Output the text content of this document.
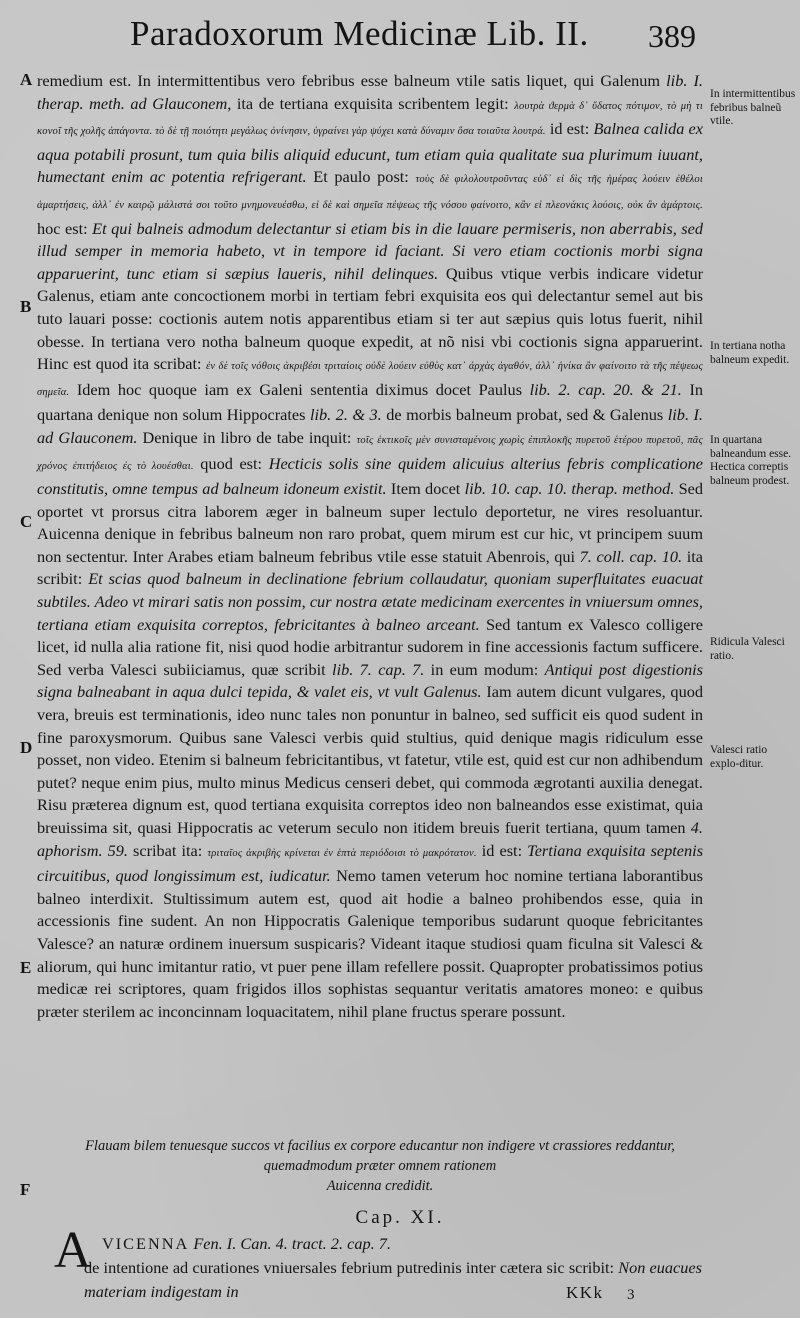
Paradoxorum Medicinæ Lib. II. 389
A
B
C
D
E
F

remedium est. In intermittentibus vero febribus esse balneum vtile satis liquet, qui Galenum lib. I. therap. meth. ad Glauconem, ita de tertiana exquisita scribentem legit: λουτρὰ ϑερμὰ δ᾽ ὕδατος πότιμον, τὸ μὴ τι κονοῖ τῆς χολῆς ἀπάγοντα. τὸ δὲ τῇ ποιότητι μεγάλως ὀνίνησιν, ὑγραίνει γὰρ ψύχει κατὰ δύναμιν ὅσα τοιαῦτα λουτρά. id est: Balnea calida ex aqua potabili prosunt, tum quia bilis aliquid educunt, tum etiam quia qualitate sua plurimum iuuant, humectant enim ac potentia refrigerant. Et paulo post: τοὺς δὲ φιλολουτροῦντας εὐδ᾽ εἰ δὶς τῆς ἡμέρας λούειν ἐθέλοι ἁμαρτήσεις, ἀλλ᾽ ἐν καιρῷ μάλιστά σοι τοῦτο μνημονευέσθω, εἰ δὲ καὶ σημεῖα πέψεως τῆς νόσου φαίνοιτο, κἂν εἰ πλεονάκις λούοις, οὐκ ἂν ἁμάρτοις. hoc est: Et qui balneis admodum delectantur si etiam bis in die lauare permiseris, non aberrabis, sed illud semper in memoria habeto, vt in tempore id faciant. Si vero etiam coctionis morbi signa apparuerint, tunc etiam si sæpius laueris, nihil delinques. Quibus vtique verbis indicare videtur Galenus, etiam ante concoctionem morbi in tertiam febri exquisita eos qui delectantur semel aut bis tuto lauari posse: coctionis autem notis apparentibus etiam si ter aut sæpius quis lotus fuerit, nihil obesse. In tertiana vero notha balneum quoque expedit, at nõ nisi vbi coctionis signa apparuerint. Hinc est quod ita scribat: ἐν δὲ τοῖς νόθοις ἀκριβέσι τριταίοις οὐδὲ λούειν εὐθὺς κατ᾽ ἀρχὰς ἀγαθόν, ἀλλ᾽ ἡνίκα ἂν φαίνοιτο τὰ τῆς πέψεως σημεῖα. Idem hoc quoque iam ex Galeni sententia diximus docet Paulus lib. 2. cap. 20. & 21. In quartana denique non solum Hippocrates lib. 2. & 3. de morbis balneum probat, sed & Galenus lib. I. ad Glauconem. Denique in libro de tabe inquit: τοῖς ἑκτικοῖς μὲν συνισταμένοις χωρὶς ἐπιπλοκῆς πυρετοῦ ἑτέρου πυρετοῦ, πᾶς χρόνος ἐπιτήδειος ἐς τὸ λουέσθαι. quod est: Hecticis solis sine quidem alicuius alterius febris complicatione constitutis, omne tempus ad balneum idoneum existit. Item docet lib. 10. cap. 10. therap. method. Sed oportet vt prorsus citra laborem æger in balneum super lectulo deportetur, ne vires resoluantur. Auicenna denique in febribus balneum non raro probat, quem mirum est cur hic, vt principem suum non sectentur. Inter Arabes etiam balneum febribus vtile esse statuit Abenrois, qui 7. coll. cap. 10. ita scribit: Et scias quod balneum in declinatione febrium collaudatur, quoniam superfluitates euacuat subtiles. Adeo vt mirari satis non possim, cur nostra ætate medicinam exercentes in vniuersum omnes, tertiana etiam exquisita correptos, febricitantes à balneo arceant. Sed tantum ex Valesco colligere licet, id nulla alia ratione fit, nisi quod hodie arbitrantur sudorem in fine accessionis factum sufficere. Sed verba Valesci subiiciamus, quæ scribit lib. 7. cap. 7. in eum modum: Antiqui post digestionis signa balneabant in aqua dulci tepida, & valet eis, vt vult Galenus. Iam autem dicunt vulgares, quod vera, breuis est terminationis, ideo nunc tales non ponuntur in balneo, sed sufficit eis quod sudent in fine paroxysmorum. Quibus sane Valesci verbis quid stultius, quid denique magis ridiculum esse posset, non video. Etenim si balneum febricitantibus, vt fatetur, vtile est, quid est cur non adhibendum putet? neque enim pius, multo minus Medicus censeri debet, qui commoda ægrotanti auxilia denegat. Risu præterea dignum est, quod tertiana exquisita correptos ideo non balneandos esse existimat, quia breuissima sit, quasi Hippocratis ac veterum seculo non itidem breuis fuerit tertiana, quum tamen 4. aphorism. 59. scribat ita: τριταῖος ἀκριβὴς κρίνεται ἐν ἑπτὰ περιόδοισι τὸ μακρότατον. id est: Tertiana exquisita septenis circuitibus, quod longissimum est, iudicatur. Nemo tamen veterum hoc nomine tertiana laborantibus balneo interdixit. Stultissimum autem est, quod ait hodie a balneo prohibendos esse, quia in accessionis fine sudent. An non Hippocratis Galenique temporibus sudarunt quoque febricitantes Valesce? an naturæ ordinem inuersum suspicaris? Videant itaque studiosi quam ficulna sit Valesci & aliorum, qui hunc imitantur ratio, vt puer pene illam refellere possit. Quapropter probatissimos potius medicæ rei scriptores, quam frigidos illos sophistas sequantur veritatis amatores moneo: e quibus præter sterilem ac inconcinnam loquacitatem, nihil plane fructus sperare possunt.

In intermittentibus febribus balneũ vtile.
In tertiana notha balneum expedit.
In quartana balneandum esse. Hectica correptis balneum prodest.
Ridicula Valesci ratio.
Valesci ratio explo-ditur.
Flauam bilem tenuesque succos vt facilius ex corpore educantur non indigere vt crassiores reddantur, quemadmodum præter omnem rationem
Auicenna credidit.
Cap. XI.
A VICENNA Fen. I. Can. 4. tract. 2. cap. 7.
de intentione ad curationes vniuersales febrium putredinis inter cætera sic scribit: Non euacues materiam indigestam in	KKk 3
